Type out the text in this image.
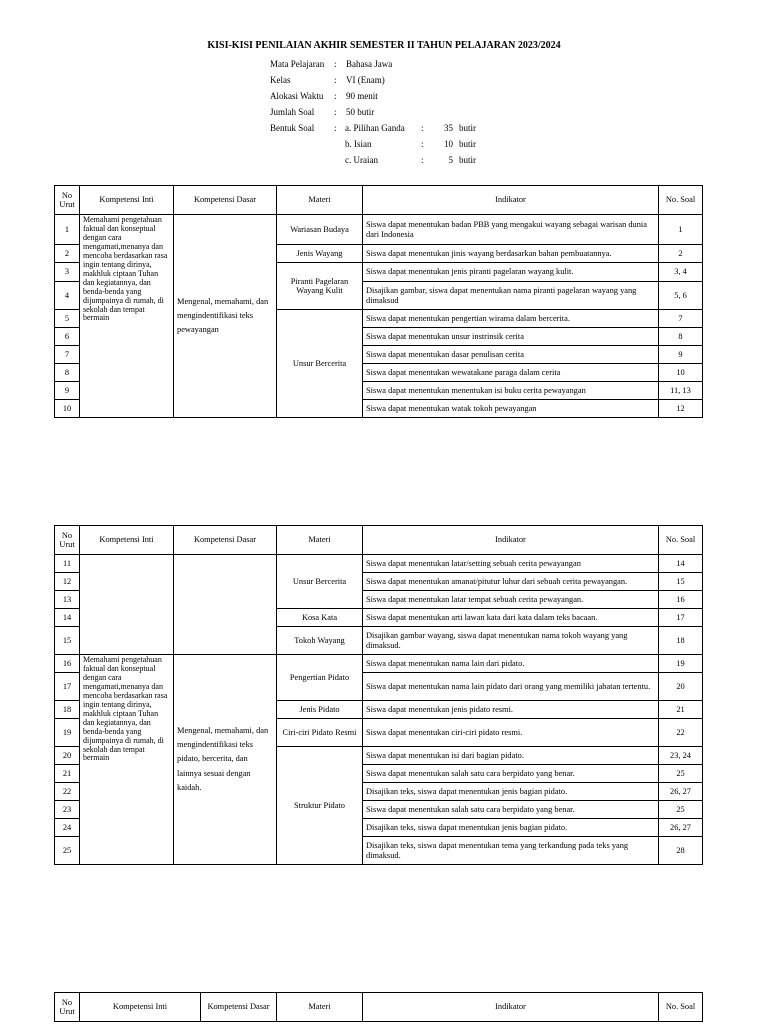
KISI-KISI PENILAIAN AKHIR SEMESTER II TAHUN PELAJARAN 2023/2024
Mata Pelajaran : Bahasa Jawa
Kelas	: VI (Enam)
Alokasi Waktu : 90 menit
Jumlah Soal : 50 butir
Bentuk Soal : a. Pilihan Ganda : 35 butir
b. Isian	: 10 butir
c. Uraian	:	5 butir
No Urut	Kompetensi Inti	Kompetensi Dasar	Materi	Indikator	No. Soal
1	Memahami pengetahuan faktual dan konseptual dengan cara mengamati,menanya dan mencoba berdasarkan rasa ingin tentang dirinya, makhluk ciptaan Tuhan dan kegiatannya, dan benda-benda yang dijumpainya di rumah, di sekolah dan tempat bermain	Mengenal, memahami, dan mengindentifikasi teks pewayangan	Wariasan Budaya	Siswa dapat menentukan badan PBB yang mengakui wayang sebagai warisan dunia dari Indonesia	1
2			Jenis Wayang	Siswa dapat menentukan jinis wayang berdasarkan bahan pembuatannya.	2
3			Piranti Pagelaran Wayang Kulit	Siswa dapat menentukan jenis piranti pagelaran wayang kulit.	3, 4
4				Disajikan gambar, siswa dapat menentukan nama piranti pagelaran wayang yang dimaksud	5, 6
5			Unsur Bercerita	Siswa dapat menentukan pengertian wirama dalam bercerita.	7
6				Siswa dapat menentukan unsur instrinsik cerita	8
7				Siswa dapat menentukan dasar penulisan cerita	9
8				Siswa dapat menentukan wewatakane paraga dalam cerita	10
9				Siswa dapat menentukan menentukan isi buku cerita pewayangan	11, 13
10				Siswa dapat menentukan watak tokoh pewayangan	12
No Urut	Kompetensi Inti	Kompetensi Dasar	Materi	Indikator	No. Soal
11			Unsur Bercerita	Siswa dapat menentukan latar/setting sebuah cerita pewayangan	14
12				Siswa dapat menentukan amanat/pitutur luhur dari sebuah cerita pewayangan.	15
13				Siswa dapat menentukan latar tempat sebuah cerita pewayangan.	16
14			Kosa Kata	Siswa dapat menentukan arti lawan kata dari kata dalam teks bacaan.	17
15			Tokoh Wayang	Disajikan gambar wayang, siswa dapat menentukan nama tokoh wayang yang dimaksud.	18
16	Memahami pengetahuan faktual dan konseptual dengan cara mengamati,menanya dan mencoba berdasarkan rasa ingin tentang dirinya, makhluk ciptaan Tuhan dan kegiatannya, dan benda-benda yang dijumpainya di rumah, di sekolah dan tempat bermain	Mengenal, memahami, dan mengindentifikasi teks pidato, bercerita, dan lainnya sesuai dengan kaidah.	Pengertian Pidato	Siswa dapat menentukan nama lain dari pidato.	19
17				Siswa dapat menentukan nama lain pidato dari orang yang memiliki jabatan tertentu.	20
18			Jenis Pidato	Siswa dapat menentukan jenis pidato resmi.	21
19			Ciri-ciri Pidato Resmi	Siswa dapat menentukan ciri-ciri pidato resmi.	22
20			Struktur Pidato	Siswa dapat menentukan isi dari bagian pidato.	23, 24
21				Siswa dapat menentukan salah satu cara berpidato yang benar.	25
22				Disajikan teks, siswa dapat menentukan jenis bagian pidato.	26, 27
23				Siswa dapat menentukan salah satu cara berpidato yang benar.	25
24				Disajikan teks, siswa dapat menentukan jenis bagian pidato.	26, 27
25				Disajikan teks, siswa dapat menentukan tema yang terkandung pada teks yang dimaksud.	28
No Urut	Kompetensi Inti	Kompetensi Dasar	Materi	Indikator	No. Soal
